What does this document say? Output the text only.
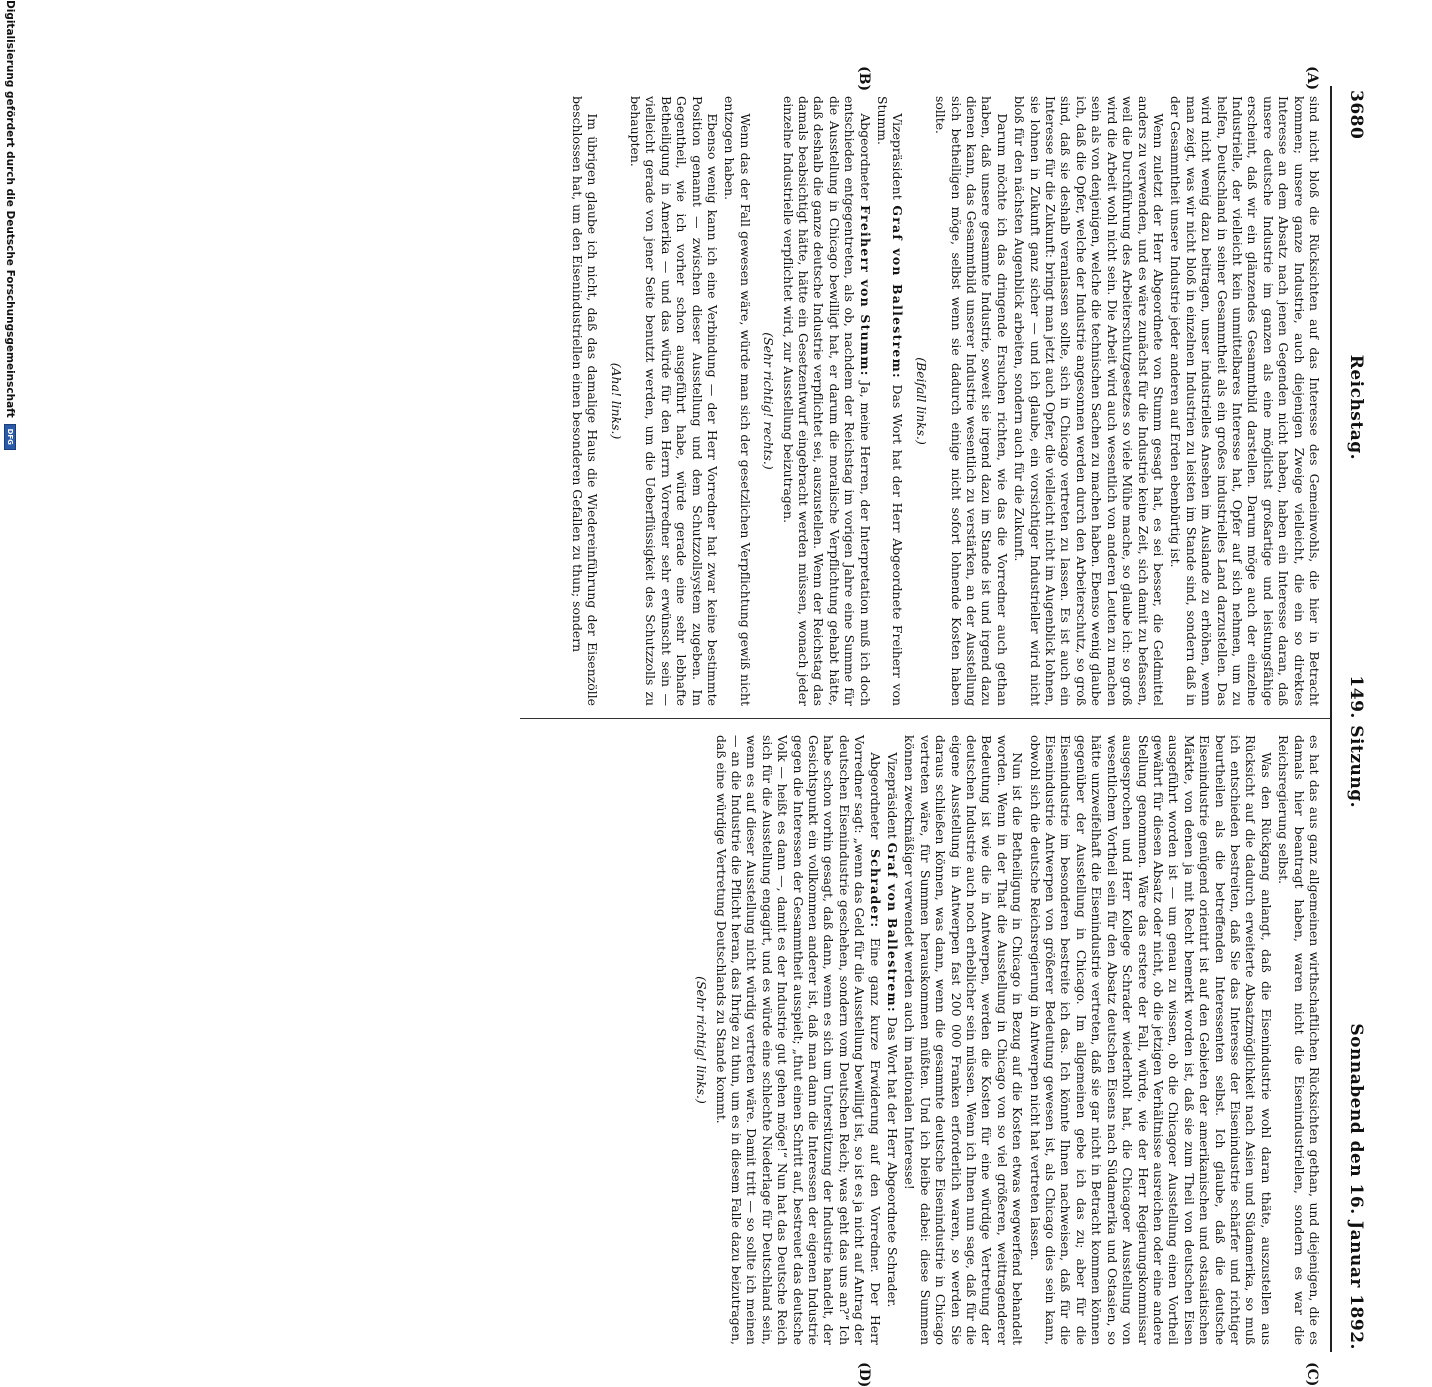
3680
Reichstag.
149. Sitzung.
Sonnabend den 16. Januar 1892.
(A)
(B)
(C)
(D)

sind nicht bloß die Rücksichten auf das Interesse des Gemeinwohls, die hier in Betracht kommen; unsere ganze Industrie, auch diejenigen Zweige vielleicht, die ein so direktes Interesse an dem Absatz nach jenen Gegenden nicht haben, haben ein Interesse daran, daß unsere deutsche Industrie im ganzen als eine möglichst großartige und leistungsfähige erscheint, daß wir ein glänzendes Gesammtbild darstellen. Darum möge auch der einzelne Industrielle, der vielleicht kein unmittelbares Interesse hat, Opfer auf sich nehmen, um zu helfen, Deutschland in seiner Gesammtheit als ein großes industrielles Land darzustellen. Das wird nicht wenig dazu beitragen, unser industrielles Ansehen im Auslande zu erhöhen, wenn man zeigt, was wir nicht bloß in einzelnen Industrien zu leisten im Stande sind, sondern daß in der Gesammtheit unsere Industrie jeder anderen auf Erden ebenbürtig ist.

Wenn zuletzt der Herr Abgeordnete von Stumm gesagt hat, es sei besser, die Geldmittel anders zu verwenden, und es wäre zunächst für die Industrie keine Zeit, sich damit zu befassen, weil die Durchführung des Arbeiterschutzgesetzes so viele Mühe mache, so glaube ich: so groß wird die Arbeit wohl nicht sein. Die Arbeit wird auch wesentlich von anderen Leuten zu machen sein als von denjenigen, welche die technischen Sachen zu machen haben. Ebenso wenig glaube ich, daß die Opfer, welche der Industrie angesonnen werden durch den Arbeiterschutz, so groß sind, daß sie deshalb veranlassen sollte, sich in Chicago vertreten zu lassen. Es ist auch ein Interesse für die Zukunft: bringt man jetzt auch Opfer, die vielleicht nicht im Augenblick lohnen, sie lohnen in Zukunft ganz sicher — und ich glaube, ein vorsichtiger Industrieller wird nicht bloß für den nächsten Augenblick arbeiten, sondern auch für die Zukunft.

Darum möchte ich das dringende Ersuchen richten, wie das die Vorredner auch gethan haben, daß unsere gesammte Industrie, soweit sie irgend dazu im Stande ist und irgend dazu dienen kann, das Gesammtbild unserer Industrie wesentlich zu verstärken, an der Ausstellung sich betheiligen möge, selbst wenn sie dadurch einige nicht sofort lohnende Kosten haben sollte.

(Beifall links.)

Vizepräsident Graf von Ballestrem: Das Wort hat der Herr Abgeordnete Freiherr von Stumm.

Abgeordneter Freiherr von Stumm: Ja, meine Herren, der Interpretation muß ich doch entschieden entgegentreten, als ob, nachdem der Reichstag im vorigen Jahre eine Summe für die Ausstellung in Chicago bewilligt hat, er darum die moralische Verpflichtung gehabt hätte, daß deshalb die ganze deutsche Industrie verpflichtet sei, auszustellen. Wenn der Reichstag das damals beabsichtigt hätte, hätte ein Gesetzentwurf eingebracht werden müssen, wonach jeder einzelne Industrielle verpflichtet wird, zur Ausstellung beizutragen.

(Sehr richtig! rechts.)

Wenn das der Fall gewesen wäre, würde man sich der gesetzlichen Verpflichtung gewiß nicht entzogen haben.

Ebenso wenig kann ich eine Verbindung — der Herr Vorredner hat zwar keine bestimmte Position genannt — zwischen dieser Ausstellung und dem Schutzzollsystem zugeben. Im Gegentheil, wie ich vorher schon ausgeführt habe, würde gerade eine sehr lebhafte Betheiligung in Amerika — und das würde für den Herrn Vorredner sehr erwünscht sein — vielleicht gerade von jener Seite benutzt werden, um die Ueberflüssigkeit des Schutzzolls zu behaupten.

(Aha! links.)

Im übrigen glaube ich nicht, daß das damalige Haus die Wiedereinführung der Eisenzölle beschlossen hat, um den Eisenindustriellen einen besonderen Gefallen zu thun; sondern

es hat das aus ganz allgemeinen wirthschaftlichen Rücksichten gethan, und diejenigen, die es damals hier beantragt haben, waren nicht die Eisenindustriellen, sondern es war die Reichsregierung selbst.

Was den Rückgang anlangt, daß die Eisenindustrie wohl daran thäte, auszustellen aus Rücksicht auf die dadurch erweiterte Absatzmöglichkeit nach Asien und Südamerika, so muß ich entschieden bestreiten, daß Sie das Interesse der Eisenindustrie schärfer und richtiger beurtheilen als die betreffenden Interessenten selbst. Ich glaube, daß die deutsche Eisenindustrie genügend orientirt ist auf den Gebieten der amerikanischen und ostasiatischen Märkte, von denen ja mit Recht bemerkt worden ist, daß sie zum Theil von deutschen Eisen ausgeführt worden ist — um genau zu wissen, ob die Chicagoer Ausstellung einen Vortheil gewährt für diesen Absatz oder nicht, ob die jetzigen Verhältnisse ausreichen oder eine andere Stellung genommen. Wäre das erstere der Fall, würde, wie der Herr Regierungskommissar ausgesprochen und Herr Kollege Schrader wiederholt hat, die Chicagoer Ausstellung von wesentlichem Vortheil sein für den Absatz deutschen Eisens nach Südamerika und Ostasien, so hätte unzweifelhaft die Eisenindustrie vertreten, daß sie gar nicht in Betracht kommen können gegenüber der Ausstellung in Chicago. Im allgemeinen gebe ich das zu; aber für die Eisenindustrie im besonderen bestreite ich das. Ich könnte Ihnen nachweisen, daß für die Eisenindustrie Antwerpen von größerer Bedeutung gewesen ist, als Chicago dies sein kann, obwohl sich die deutsche Reichsregierung in Antwerpen nicht hat vertreten lassen.

Nun ist die Betheiligung in Chicago in Bezug auf die Kosten etwas wegwerfend behandelt worden. Wenn in der That die Ausstellung in Chicago von so viel größeren, weittragenderer Bedeutung ist wie die in Antwerpen, werden die Kosten für eine würdige Vertretung der deutschen Industrie auch noch erheblicher sein müssen. Wenn ich Ihnen nun sage, daß für die eigene Ausstellung in Antwerpen fast 200 000 Franken erforderlich waren, so werden Sie daraus schließen können, was dann, wenn die gesammte deutsche Eisenindustrie in Chicago vertreten wäre, für Summen herauskommen müßten. Und ich bleibe dabei: diese Summen können zweckmäßiger verwendet werden auch im nationalen Interesse!

Vizepräsident Graf von Ballestrem: Das Wort hat der Herr Abgeordnete Schrader.

Abgeordneter Schrader: Eine ganz kurze Erwiderung auf den Vorredner. Der Herr Vorredner sagt: „wenn das Geld für die Ausstellung bewilligt ist, so ist es ja nicht auf Antrag der deutschen Eisenindustrie geschehen, sondern vom Deutschen Reich; was geht das uns an?“ Ich habe schon vorhin gesagt, daß dann, wenn es sich um Unterstützung der Industrie handelt, der Gesichtspunkt ein vollkommen anderer ist, daß man dann die Interessen der eigenen Industrie gegen die Interessen der Gesammtheit ausspielt; „thut einen Schritt auf, bestreuet das deutsche Volk — heißt es dann —, damit es der Industrie gut gehen möge!“ Nun hat das Deutsche Reich sich für die Ausstellung engagirt, und es würde eine schlechte Niederlage für Deutschland sein, wenn es auf dieser Ausstellung nicht würdig vertreten wäre. Damit tritt — so sollte ich meinen — an die Industrie die Pflicht heran, das Ihrige zu thun, um es in diesem Falle dazu beizutragen, daß eine würdige Vertretung Deutschlands zu Stande kommt.

(Sehr richtig! links.)
Digitalisierung gefördert durch die Deutsche Forschungsgemeinschaft
DFG
